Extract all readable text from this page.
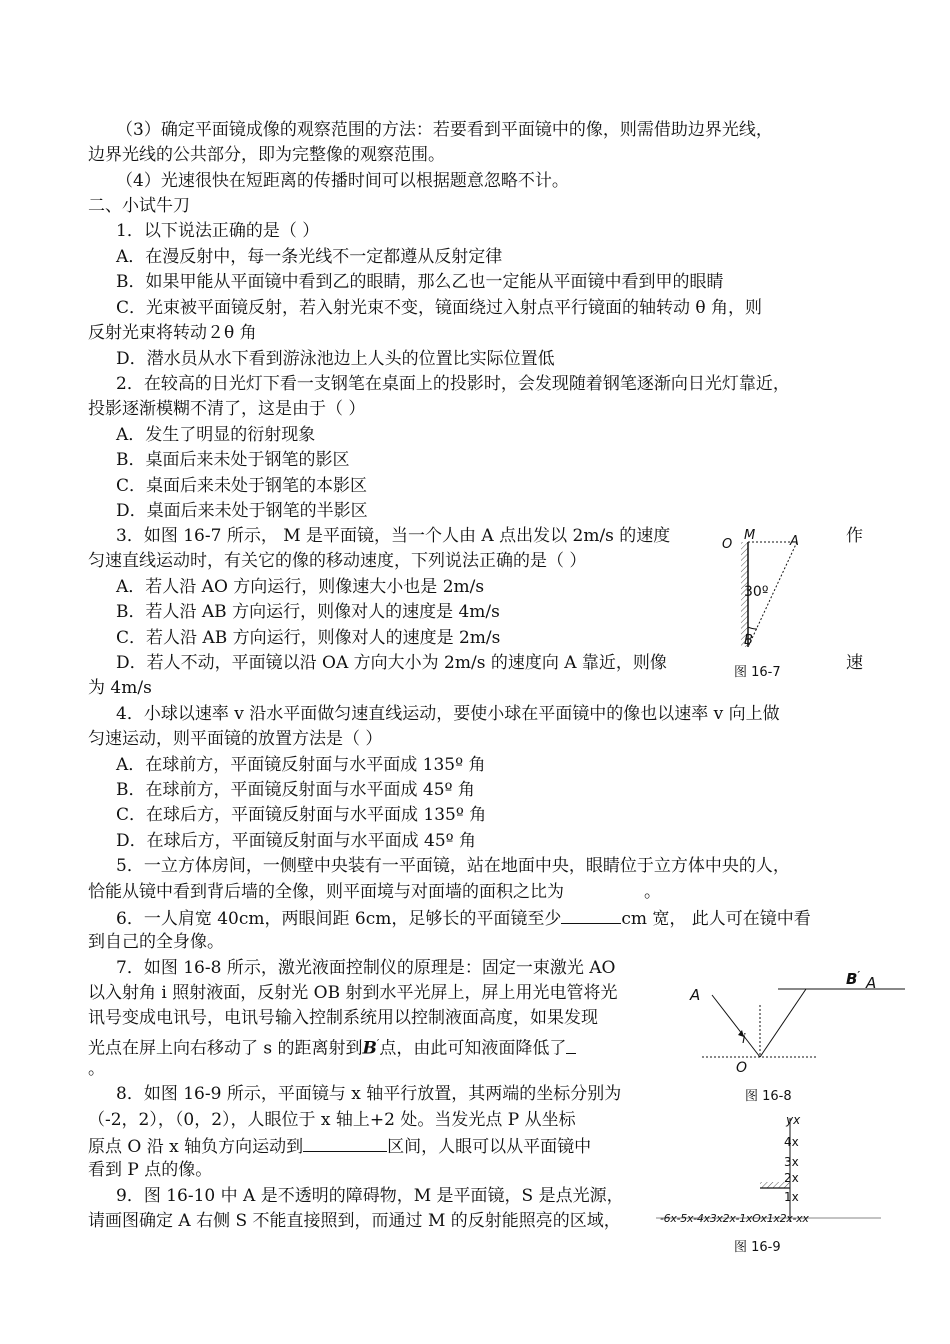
（3）确定平面镜成像的观察范围的方法：若要看到平面镜中的像，则需借助边界光线，
边界光线的公共部分，即为完整像的观察范围。
（4）光速很快在短距离的传播时间可以根据题意忽略不计。
二、小试牛刀
1．以下说法正确的是（ ）
A．在漫反射中，每一条光线不一定都遵从反射定律
B．如果甲能从平面镜中看到乙的眼睛，那么乙也一定能从平面镜中看到甲的眼睛
C．光束被平面镜反射，若入射光束不变，镜面绕过入射点平行镜面的轴转动 θ 角，则
反射光束将转动２θ 角
D．潜水员从水下看到游泳池边上人头的位置比实际位置低
2．在较高的日光灯下看一支钢笔在桌面上的投影时，会发现随着钢笔逐渐向日光灯靠近，
投影逐渐模糊不清了，这是由于（ ）
A．发生了明显的衍射现象
B．桌面后来未处于钢笔的影区
C．桌面后来未处于钢笔的本影区
D．桌面后来未处于钢笔的半影区
3．如图 16-7 所示， M 是平面镜，当一个人由 A 点出发以 2m/s 的速度	作
匀速直线运动时，有关它的像的移动速度，下列说法正确的是（ ）
A．若人沿 AO 方向运行，则像速大小也是 2m/s
B．若人沿 AB 方向运行，则像对人的速度是 4m/s
C．若人沿 AB 方向运行，则像对人的速度是 2m/s
D．若人不动，平面镜以沿 OA 方向大小为 2m/s 的速度向 A 靠近，则像	速
为 4m/s
O
M	A
30º
B
图 16-7
4．小球以速率 v 沿水平面做匀速直线运动，要使小球在平面镜中的像也以速率 v 向上做
匀速运动，则平面镜的放置方法是（ ）
A．在球前方，平面镜反射面与水平面成 135º 角
B．在球前方，平面镜反射面与水平面成 45º 角
C．在球后方，平面镜反射面与水平面成 135º 角
D．在球后方，平面镜反射面与水平面成 45º 角
5．一立方体房间，一侧壁中央装有一平面镜，站在地面中央，眼睛位于立方体中央的人，
恰能从镜中看到背后墙的全像，则平面境与对面墙的面积之比为	。
6．一人肩宽 40cm，两眼间距 6cm，足够长的平面镜至少	cm 宽， 此人可在镜中看
到自己的全身像。
7．如图 16-8 所示，激光液面控制仪的原理是：固定一束激光 AO
以入射角 i 照射液面，反射光 OB 射到水平光屏上，屏上用光电管将光
讯号变成电讯号，电讯号输入控制系统用以控制液面高度，如果发现
光点在屏上向右移动了 s 的距离射到B′点，由此可知液面降低了
。
A
B′ A
i
O
图 16-8
8．如图 16-9 所示，平面镜与 x 轴平行放置，其两端的坐标分别为
（-2，2），（0，2），人眼位于 x 轴上+2 处。当发光点 P 从坐标
原点 O 沿 x 轴负方向运动到	区间，人眼可以从平面镜中
看到 P 点的像。
yx
4x
3x
2x
1x
-6x-5x-4x3x2x-1xOx1x2x-xx
图 16-9
9．图 16-10 中 A 是不透明的障碍物，M 是平面镜，S 是点光源，
请画图确定 A 右侧 S 不能直接照到，而通过 M 的反射能照亮的区域，
